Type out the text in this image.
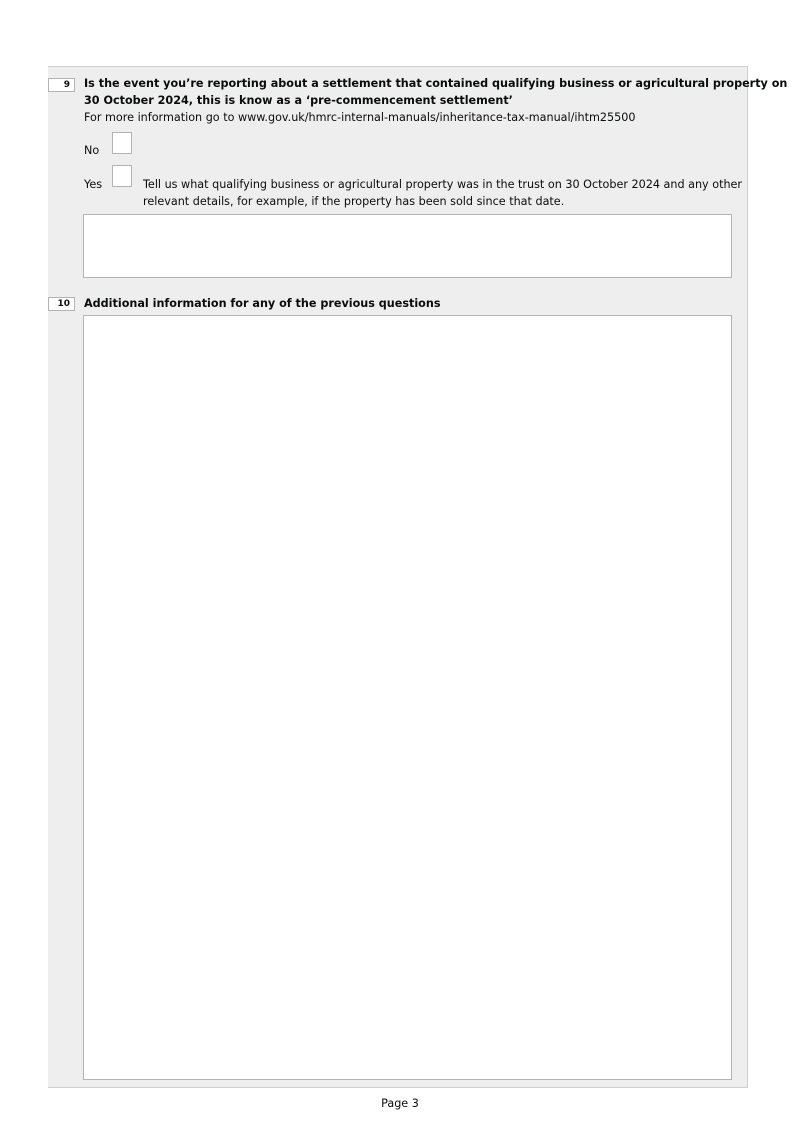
9	Is the event you’re reporting about a settlement that contained qualifying business or agricultural property on

30 October 2024, this is know as a ‘pre-commencement settlement’

For more information go to www.gov.uk/hmrc-internal-manuals/inheritance-tax-manual/ihtm25500

No
Yes	Tell us what qualifying business or agricultural property was in the trust on 30 October 2024 and any other

relevant details, for example, if the property has been sold since that date.

10	Additional information for any of the previous questions

Page 3
